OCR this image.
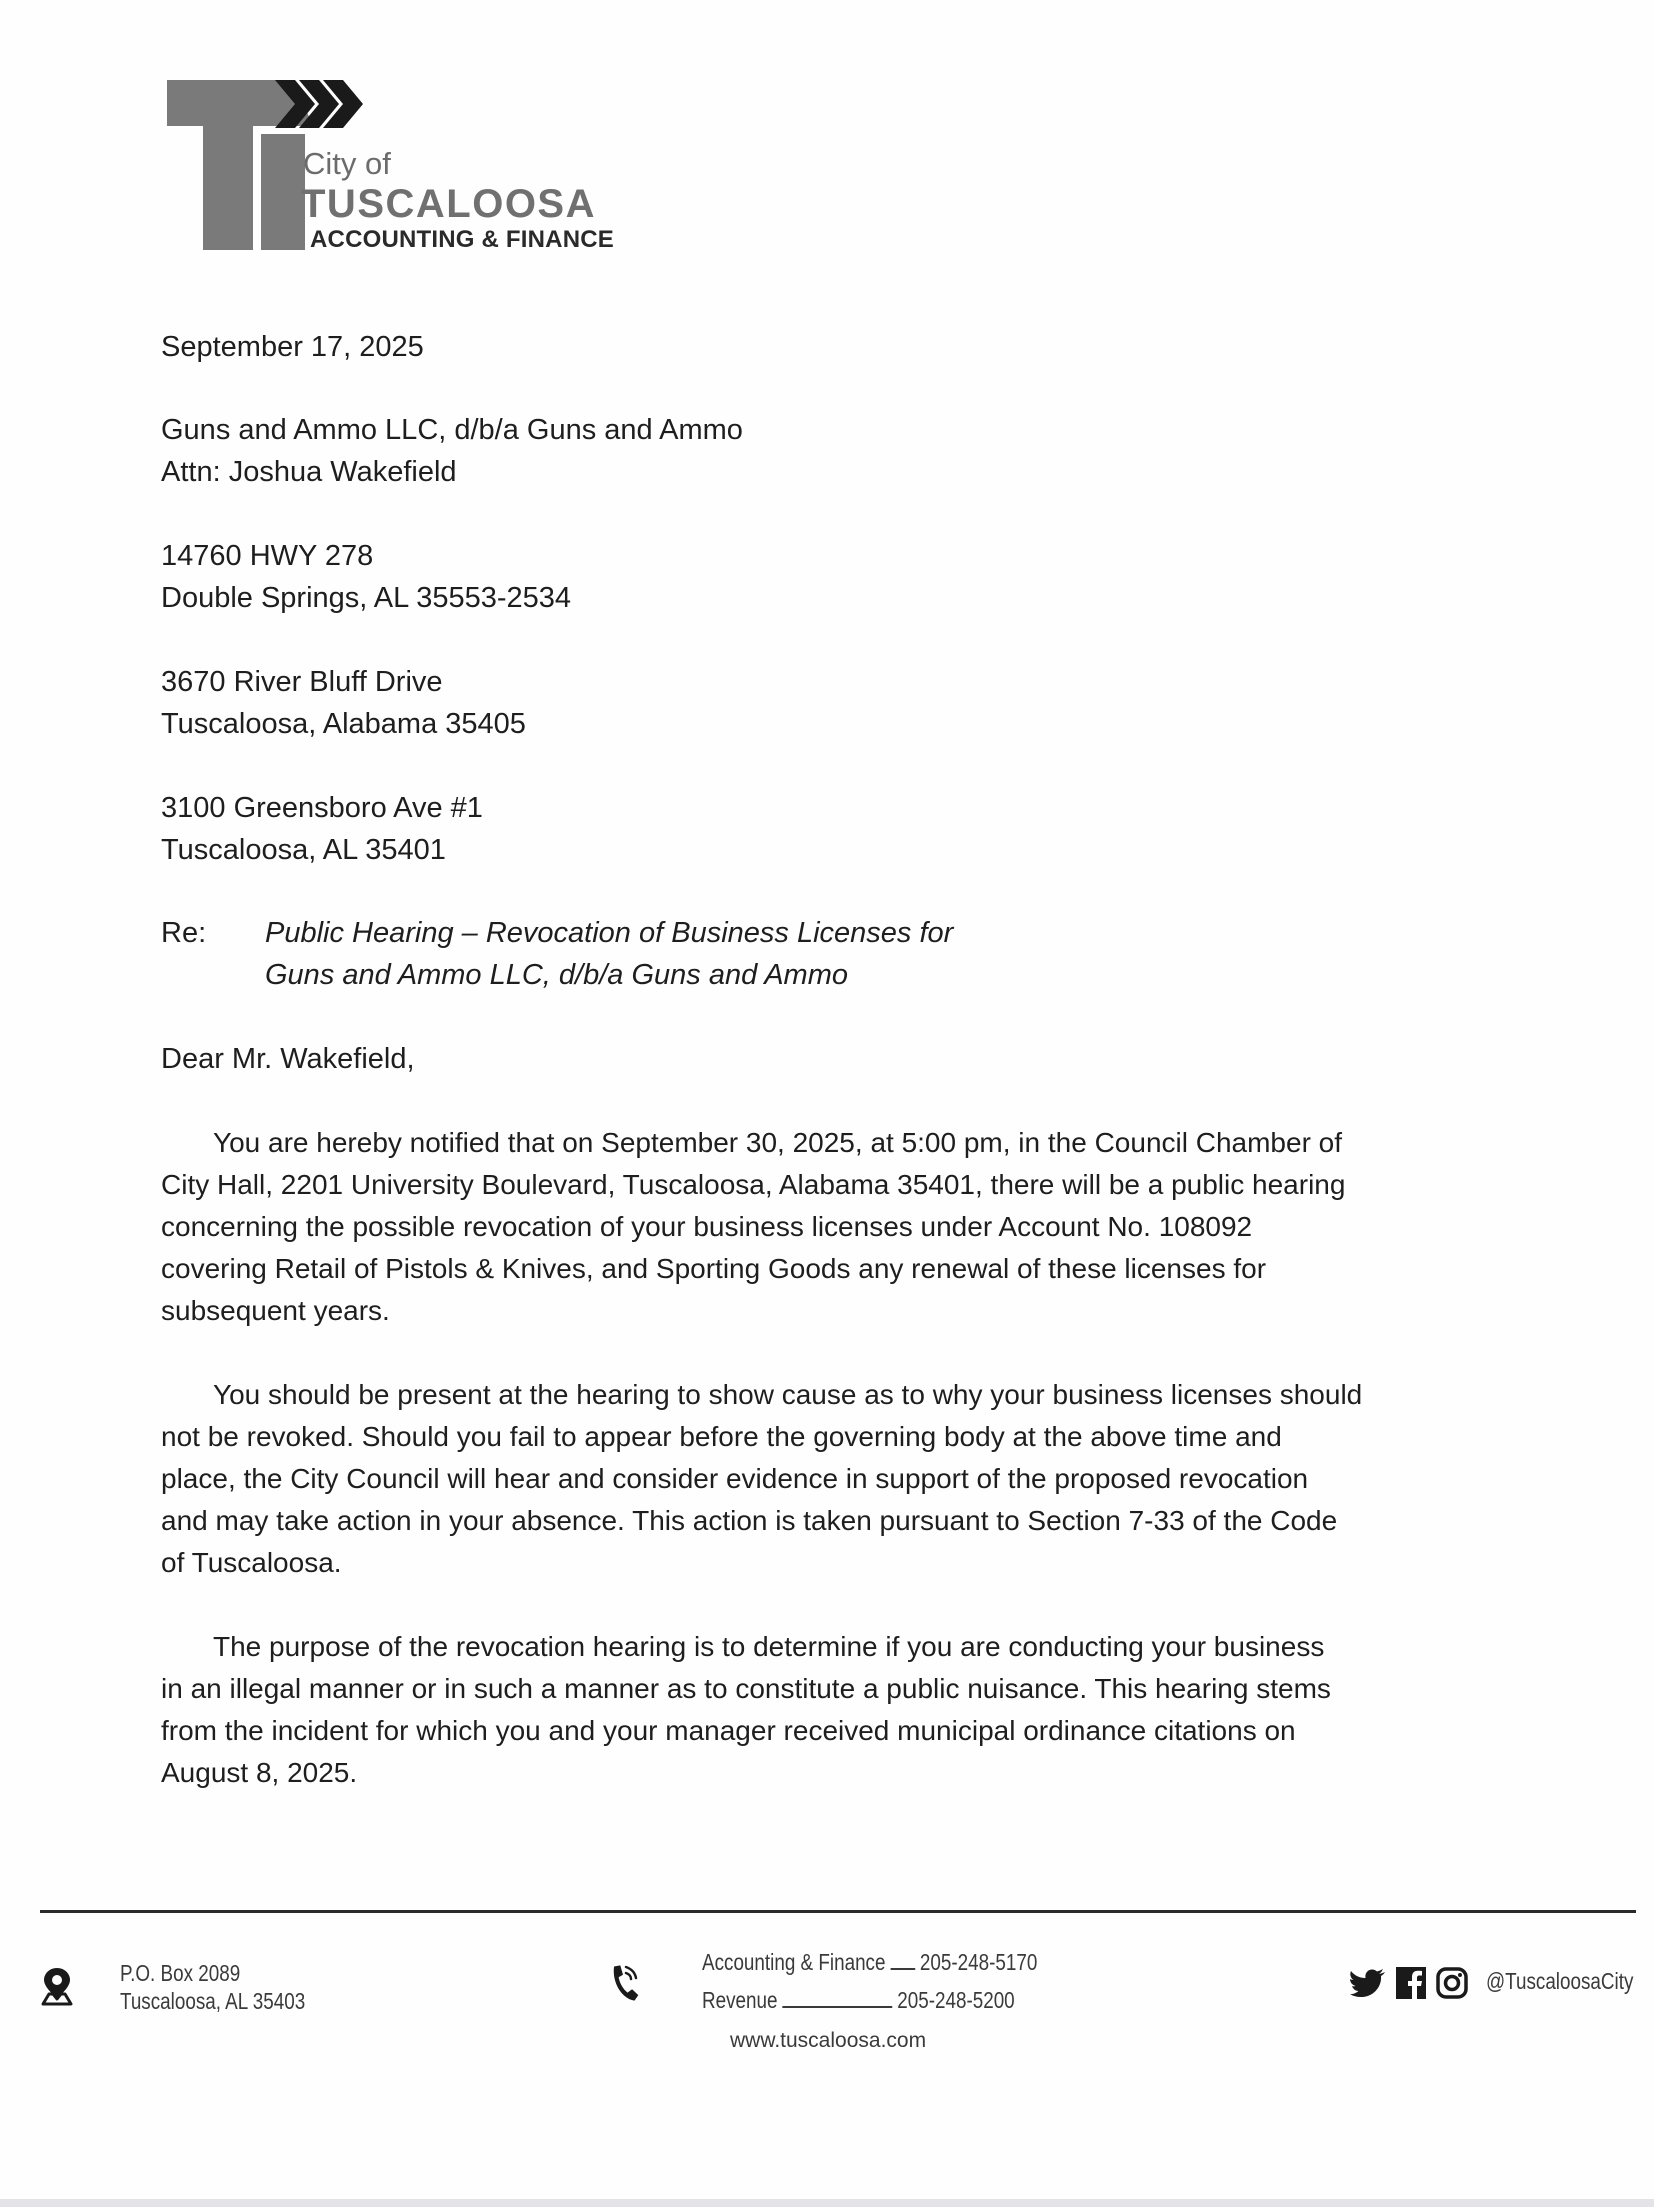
City of
TUSCALOOSA
ACCOUNTING & FINANCE
September 17, 2025
Guns and Ammo LLC, d/b/a Guns and Ammo
Attn: Joshua Wakefield
14760 HWY 278
Double Springs, AL 35553-2534
3670 River Bluff Drive
Tuscaloosa, Alabama 35405
3100 Greensboro Ave #1
Tuscaloosa, AL 35401
Re: Public Hearing – Revocation of Business Licenses for
Guns and Ammo LLC, d/b/a Guns and Ammo
Dear Mr. Wakefield,
You are hereby notified that on September 30, 2025, at 5:00 pm, in the Council Chamber of
City Hall, 2201 University Boulevard, Tuscaloosa, Alabama 35401, there will be a public hearing
concerning the possible revocation of your business licenses under Account No. 108092
covering Retail of Pistols & Knives, and Sporting Goods any renewal of these licenses for
subsequent years.
You should be present at the hearing to show cause as to why your business licenses should
not be revoked. Should you fail to appear before the governing body at the above time and
place, the City Council will hear and consider evidence in support of the proposed revocation
and may take action in your absence. This action is taken pursuant to Section 7-33 of the Code
of Tuscaloosa.
The purpose of the revocation hearing is to determine if you are conducting your business
in an illegal manner or in such a manner as to constitute a public nuisance. This hearing stems
from the incident for which you and your manager received municipal ordinance citations on
August 8, 2025.
P.O. Box 2089
Tuscaloosa, AL 35403
Accounting & Finance 205-248-5170
Revenue	205-248-5200
www.tuscaloosa.com
@TuscaloosaCity
